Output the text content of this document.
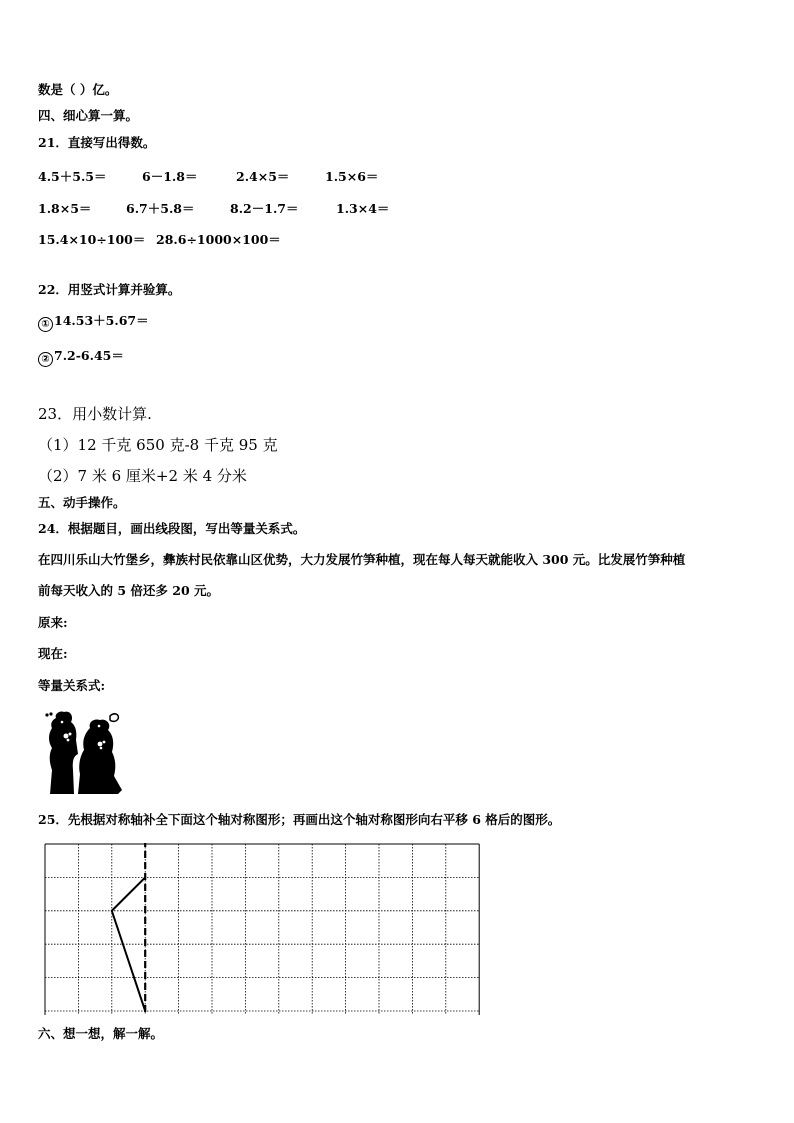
数是（ ）亿。
四、细心算一算。
21．直接写出得数。
4.5＋5.5＝	6－1.8＝	2.4×5＝	1.5×6＝
1.8×5＝	6.7＋5.8＝	8.2－1.7＝	1.3×4＝
15.4×10÷100＝ 28.6÷1000×100＝
22．用竖式计算并验算。
① 14.53＋5.67＝
② 7.2-6.45＝
23．用小数计算.
（1）12 千克 650 克-8 千克 95 克
（2）7 米 6 厘米+2 米 4 分米
五、动手操作。
24．根据题目，画出线段图，写出等量关系式。
在四川乐山大竹堡乡，彝族村民依靠山区优势，大力发展竹笋种植，现在每人每天就能收入 300 元。比发展竹笋种植
前每天收入的 5 倍还多 20 元。
原来:
现在:
等量关系式:
25．先根据对称轴补全下面这个轴对称图形；再画出这个轴对称图形向右平移 6 格后的图形。
六、想一想，解一解。
